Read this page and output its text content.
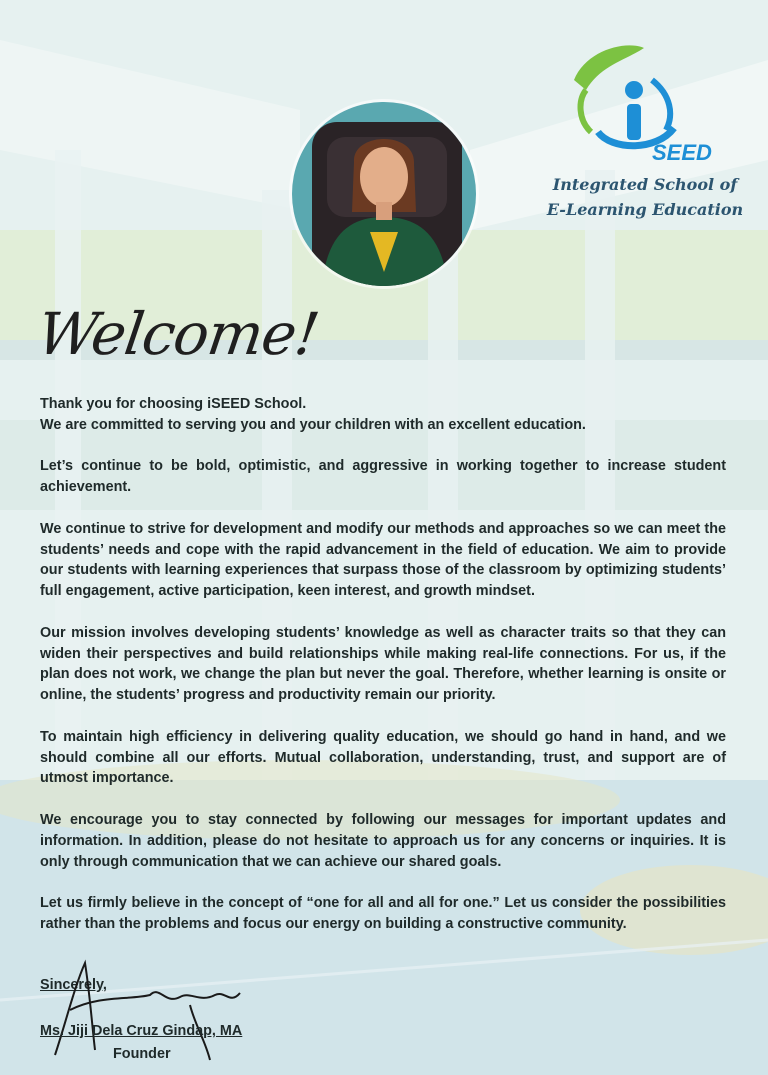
SEED
Integrated School of
E-Learning Education
Welcome!

Thank you for choosing iSEED School.
We are committed to serving you and your children with an excellent education.

Let’s continue to be bold, optimistic, and aggressive in working together to increase student achievement.

We continue to strive for development and modify our methods and approaches so we can meet the students’ needs and cope with the rapid advancement in the field of education. We aim to provide our students with learning experiences that surpass those of the classroom by optimizing students’ full engagement, active participation, keen interest, and growth mindset.

Our mission involves developing students’ knowledge as well as character traits so that they can widen their perspectives and build relationships while making real-life connections. For us, if the plan does not work, we change the plan but never the goal. Therefore, whether learning is onsite or online, the students’ progress and productivity remain our priority.

To maintain high efficiency in delivering quality education, we should go hand in hand, and we should combine all our efforts. Mutual collaboration, understanding, trust, and support are of utmost importance.

We encourage you to stay connected by following our messages for important updates and information. In addition, please do not hesitate to approach us for any concerns or inquiries. It is only through communication that we can achieve our shared goals.

Let us firmly believe in the concept of “one for all and all for one.” Let us consider the possibilities rather than the problems and focus our energy on building a constructive community.

Sincerely,
Ms. Jiji Dela Cruz Gindap, MA
Founder
